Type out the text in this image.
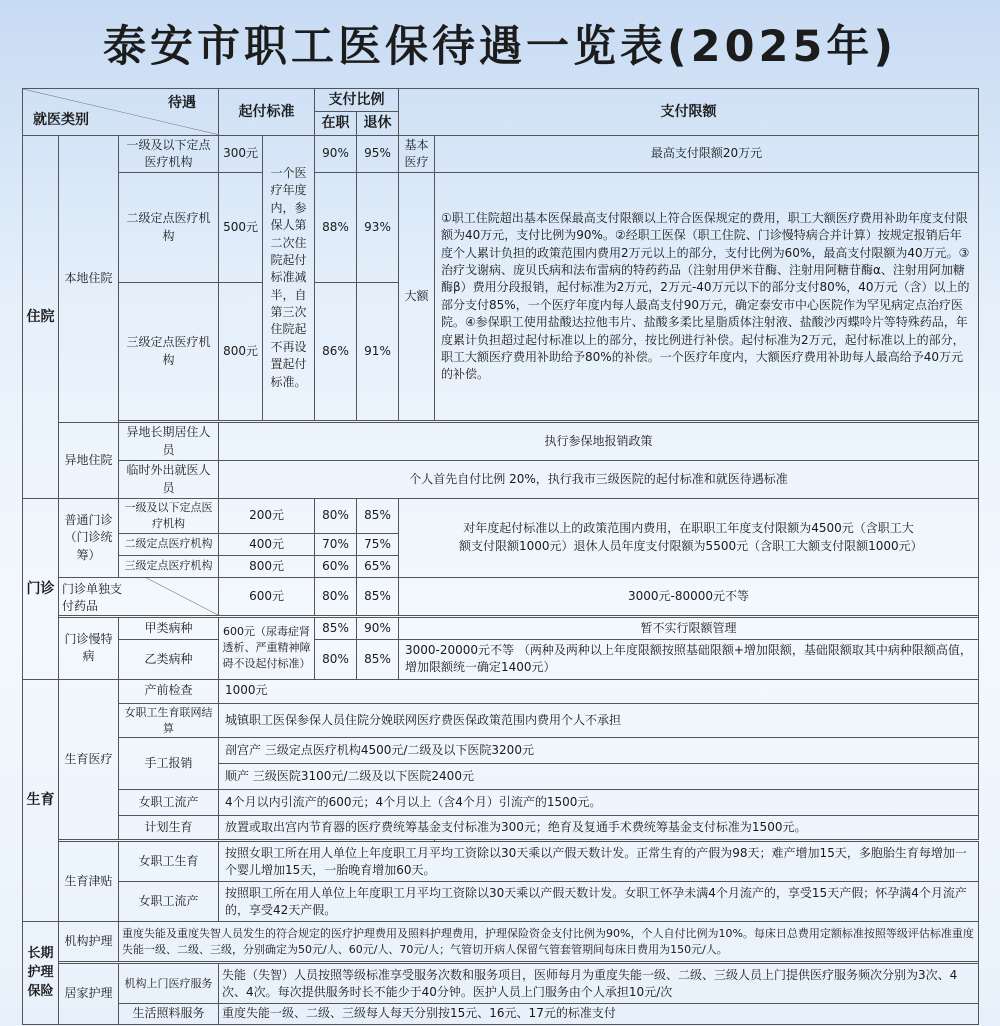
泰安市职工医保待遇一览表(2025年)
待遇
就医类别			起付标准		支付比例		支付限额	
					在职	退休		
住院	本地住院	一级及以下定点医疗机构	300元	一个医疗年度内，参保人第二次住院起付标准减半，自第三次住院起不再设置起付标准。	90%	95%	基本医疗	最高支付限额20万元
		二级定点医疗机构	500元		88%	93%	大额	①职工住院超出基本医保最高支付限额以上符合医保规定的费用，职工大额医疗费用补助年度支付限额为40万元，支付比例为90%。②经职工医保（职工住院、门诊慢特病合并计算）按规定报销后年度个人累计负担的政策范围内费用2万元以上的部分，支付比例为60%，最高支付限额为40万元。③治疗戈谢病、庞贝氏病和法布雷病的特药药品（注射用伊米苷酶、注射用阿糖苷酶α、注射用阿加糖酶β）费用分段报销，起付标准为2万元，2万元-40万元以下的部分支付80%，40万元（含）以上的部分支付85%，一个医疗年度内每人最高支付90万元，确定泰安市中心医院作为罕见病定点治疗医院。④参保职工使用盐酸达拉他韦片、盐酸多柔比星脂质体注射液、盐酸沙丙蝶呤片等特殊药品，年度累计负担超过起付标准以上的部分，按比例进行补偿。起付标准为2万元，起付标准以上的部分，职工大额医疗费用补助给予80%的补偿。一个医疗年度内，大额医疗费用补助每人最高给予40万元的补偿。
		三级定点医疗机构	800元		86%	91%		

	异地住院	异地长期居住人员	执行参保地报销政策					
		临时外出就医人员	个人首先自付比例 20%，执行我市三级医院的起付标准和就医待遇标准					
门诊	普通门诊（门诊统筹）	一级及以下定点医疗机构	200元		80%	85%	对年度起付标准以上的政策范围内费用，在职职工年度支付限额为4500元（含职工大额支付限额1000元）退休人员年度支付限额为5500元（含职工大额支付限额1000元）	
		二级定点医疗机构	400元		70%	75%		
		三级定点医疗机构	800元		60%	65%		

	门诊单独支付药品		600元		80%	85%	3000元-80000元不等	

	门诊慢特病	甲类病种	600元（尿毒症肾透析、严重精神障碍不设起付标准）		85%	90%	暂不实行限额管理	
		乙类病种			80%	85%	3000-20000元不等 （两种及两种以上年度限额按照基础限额+增加限额，基础限额取其中病种限额高值，增加限额统一确定1400元）	
生育	生育医疗	产前检查	1000元					
		女职工生育联网结算	城镇职工医保参保人员住院分娩联网医疗费医保政策范围内费用个人不承担					
		手工报销	剖宫产 三级定点医疗机构4500元/二级及以下医院3200元					
			顺产 三级医院3100元/二级及以下医院2400元					
		女职工流产	4个月以内引流产的600元；4个月以上（含4个月）引流产的1500元。					
		计划生育	放置或取出宫内节育器的医疗费统筹基金支付标准为300元；绝育及复通手术费统筹基金支付标准为1500元。					

	生育津贴	女职工生育	按照女职工所在用人单位上年度职工月平均工资除以30天乘以产假天数计发。正常生育的产假为98天；难产增加15天，多胞胎生育每增加一个婴儿增加15天，一胎晚育增加60天。					
		女职工流产	按照职工所在用人单位上年度职工月平均工资除以30天乘以产假天数计发。女职工怀孕未满4个月流产的，享受15天产假；怀孕满4个月流产的，享受42天产假。					
长期护理保险	机构护理	重度失能及重度失智人员发生的符合规定的医疗护理费用及照料护理费用，护理保险资金支付比例为90%，个人自付比例为10%。每床日总费用定额标准按照等级评估标准重度失能一级、二级、三级，分别确定为50元/人、60元/人、70元/人；气管切开病人保留气管套管期间每床日费用为150元/人。						

	居家护理	机构上门医疗服务	失能（失智）人员按照等级标准享受服务次数和服务项目，医师每月为重度失能一级、二级、三级人员上门提供医疗服务频次分别为3次、4次、4次。每次提供服务时长不能少于40分钟。医护人员上门服务由个人承担10元/次					
		生活照料服务	重度失能一级、二级、三级每人每天分别按15元、16元、17元的标准支付					
